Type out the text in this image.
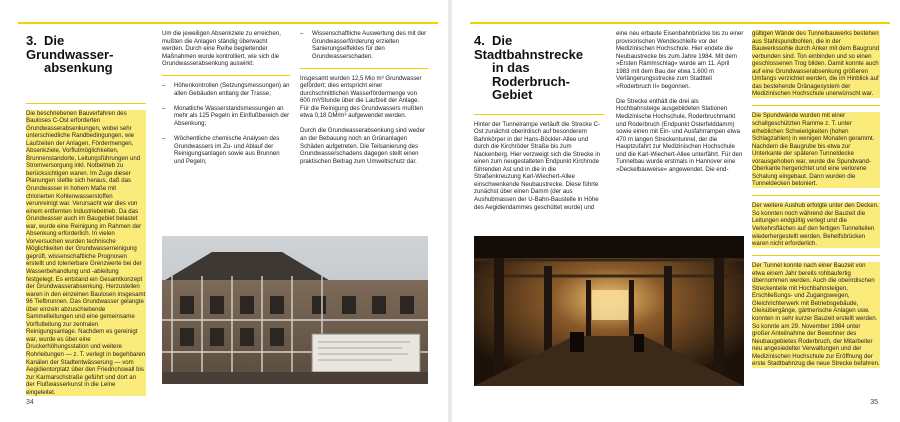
3. Die Grundwasser-
absenkung

Die beschriebenen Bauverfahren des Bauloses C-Ost erforderten Grundwasserabsenkungen, wobei sehr unterschiedliche Randbedingungen, wie Laufzeiten der Anlagen, Fördermengen, Absenkziele, Vorflutmöglichkeiten, Brunnenstandorte, Leitungsführungen und Stromversorgung inkl. Notbetrieb zu berücksichtigen waren. Im Zuge dieser Planungen stellte sich heraus, daß das Grundwasser in hohem Maße mit chlorierten Kohlenwasserstoffen verunreinigt war. Verursacht war dies von einem entfernten Industriebetrieb. Da das Grundwasser auch im Baugebiet belastet war, wurde eine Reinigung im Rahmen der Absenkung erforderlich. In vielen Vorversuchen wurden technische Möglichkeiten der Grundwasserreinigung geprüft, wissenschaftliche Prognosen erstellt und tolerierbare Grenzwerte bei der Wasserbehandlung und -ableitung festgelegt. Es entstand ein Gesamtkonzept der Grundwasserabsenkung. Herzustellen waren in den einzelnen Baulosen insgesamt 96 Tiefbrunnen. Das Grundwasser gelangte über einzeln abzuschiebende Sammelleitungen und eine gemeinsame Vorflutleitung zur zentralen Reinigungsanlage. Nachdem es gereinigt war, wurde es über eine Druckerhöhungsstation und weitere Rohrleitungen — z. T. verlegt in begehbaren Kanälen der Stadtentwässerung — vom Aegidientorplatz über den Friedrichswall bis zur Karmarschstraße geführt und dort an der Flußwasserkunst in die Leine eingeleitet.

Um die jeweiligen Absenkziele zu erreichen, mußten die Anlagen ständig überwacht werden. Durch eine Reihe begleitender Maßnahmen wurde kontrolliert, wie sich die Grundwasserabsenkung auswirkt:

– Höhenkontrollen (Setzungsmessungen) an allen Gebäuden entlang der Trasse;
– Monatliche Wasserstandsmessungen an mehr als 125 Pegeln im Einflußbereich der Absenkung;
– Wöchentliche chemische Analysen des Grundwassers im Zu- und Ablauf der Reinigungsanlagen sowie aus Brunnen und Pegeln;
– Wissenschaftliche Auswertung des mit der Grundwasserförderung erzielten Sanierungseffektes für den Grundwasserschaden.

Insgesamt wurden 12,5 Mio m³ Grundwasser gefördert; dies entspricht einer durchschnittlichen Wasserfördermenge von 600 m³/Stunde über die Laufzeit der Anlage. Für die Reinigung des Grundwassers mußten etwa 0,18 DM/m³ aufgewendet werden.

Durch die Grundwasserabsenkung sind weder an der Bebauung noch an Grünanlagen Schäden aufgetreten. Die Teilsanierung des Grundwasserschadens dagegen stellt einen praktischen Beitrag zum Umweltschutz dar.

34
4. Die Stadtbahnstrecke
in das Roderbruch-
Gebiet

Hinter der Tunnelrampe verläuft die Strecke C-Ost zunächst oberirdisch auf besonderem Bahnkörper in der Hans-Böckler-Allee und durch die Kirchröder Straße bis zum Nackenberg. Hier verzweigt sich die Strecke in einen zum neugestalteten Endpunkt Kirchrode führenden Ast und in die in die Straßenkreuzung Karl-Wiechert-Allee einschwenkende Neubaustrecke. Diese führte zunächst über einen Damm (der aus Aushubmassen der U-Bahn-Baustelle in Höhe des Aegidiendammes geschüttet wurde) und

eine neu erbaute Eisenbahnbrücke bis zu einer provisorischen Wendeschleife vor der Medizinischen Hochschule. Hier endete die Neubaustrecke bis zum Jahre 1984. Mit dem »Ersten Rammschlag« wurde am 11. April 1983 mit dem Bau der etwa 1.600 m Verlängerungsstrecke zum Stadtteil »Roderbruch II« begonnen.

Die Strecke enthält die drei als Hochbahnsteige ausgebildeten Stationen Medizinische Hochschule, Roderbruchmarkt und Roderbruch (Endpunkt Osterfelddamm) sowie einen mit Ein- und Ausfahrrampen etwa 470 m langen Streckentunnel, der die Hauptzufahrt zur Medizinischen Hochschule und die Karl-Wiechert-Allee unterfährt. Für den Tunnelbau wurde erstmals in Hannover eine »Deckelbauweise« angewendet. Die end-

gültigen Wände des Tunnelbauwerks bestehen aus Stahlspundbohlen, die in der Bauwerkssohle durch Anker mit dem Baugrund verbunden sind. Ton einbinden und so einen geschlossenen Trog bilden. Damit konnte auch auf eine Grundwasserabsenkung größeren Umfangs verzichtet werden, die im Hinblick auf das bestehende Dränagesystem der Medizinischen Hochschule unerwünscht war.

Die Spundwände wurden mit einer schallgeschützten Ramme z. T. unter erheblichen Schwierigkeiten (hohen Schlagzahlen) in wenigen Monaten gerammt. Nachdem die Baugrube bis etwa zur Unterkante der späteren Tunneldecke vorausgehoben war, wurde die Spundwand-Oberkante hergerichtet und eine verlorene Schalung eingebaut. Dann wurden die Tunneldecken betoniert.

Der weitere Aushub erfolgte unter den Decken. So konnten noch während der Bauzeit die Leitungen endgültig verlegt und die Verkehrsflächen auf den fertigen Tunnelteilen wiederhergestellt werden. Behelfsbrücken waren nicht erforderlich.

Der Tunnel konnte nach einer Bauzeit von etwa einem Jahr bereits rohbaufertig übernommen werden. Auch die oberirdischen Streckenteile mit Hochbahnsteigen, Erschließungs- und Zugangswegen, Gleichrichterwerk mit Betriebsgebäude, Gleisübergänge, gärtnerische Anlagen usw. konnten in sehr kurzer Bauzeit erstellt werden. So konnte am 29. November 1984 unter großer Anteilnahme der Bewohner des Neubaugebietes Roderbruch, der Mitarbeiter neu angesiedelter Verwaltungen und der Medizinischen Hochschule zur Eröffnung der erste Stadtbahnzug die neue Strecke befahren.

35
